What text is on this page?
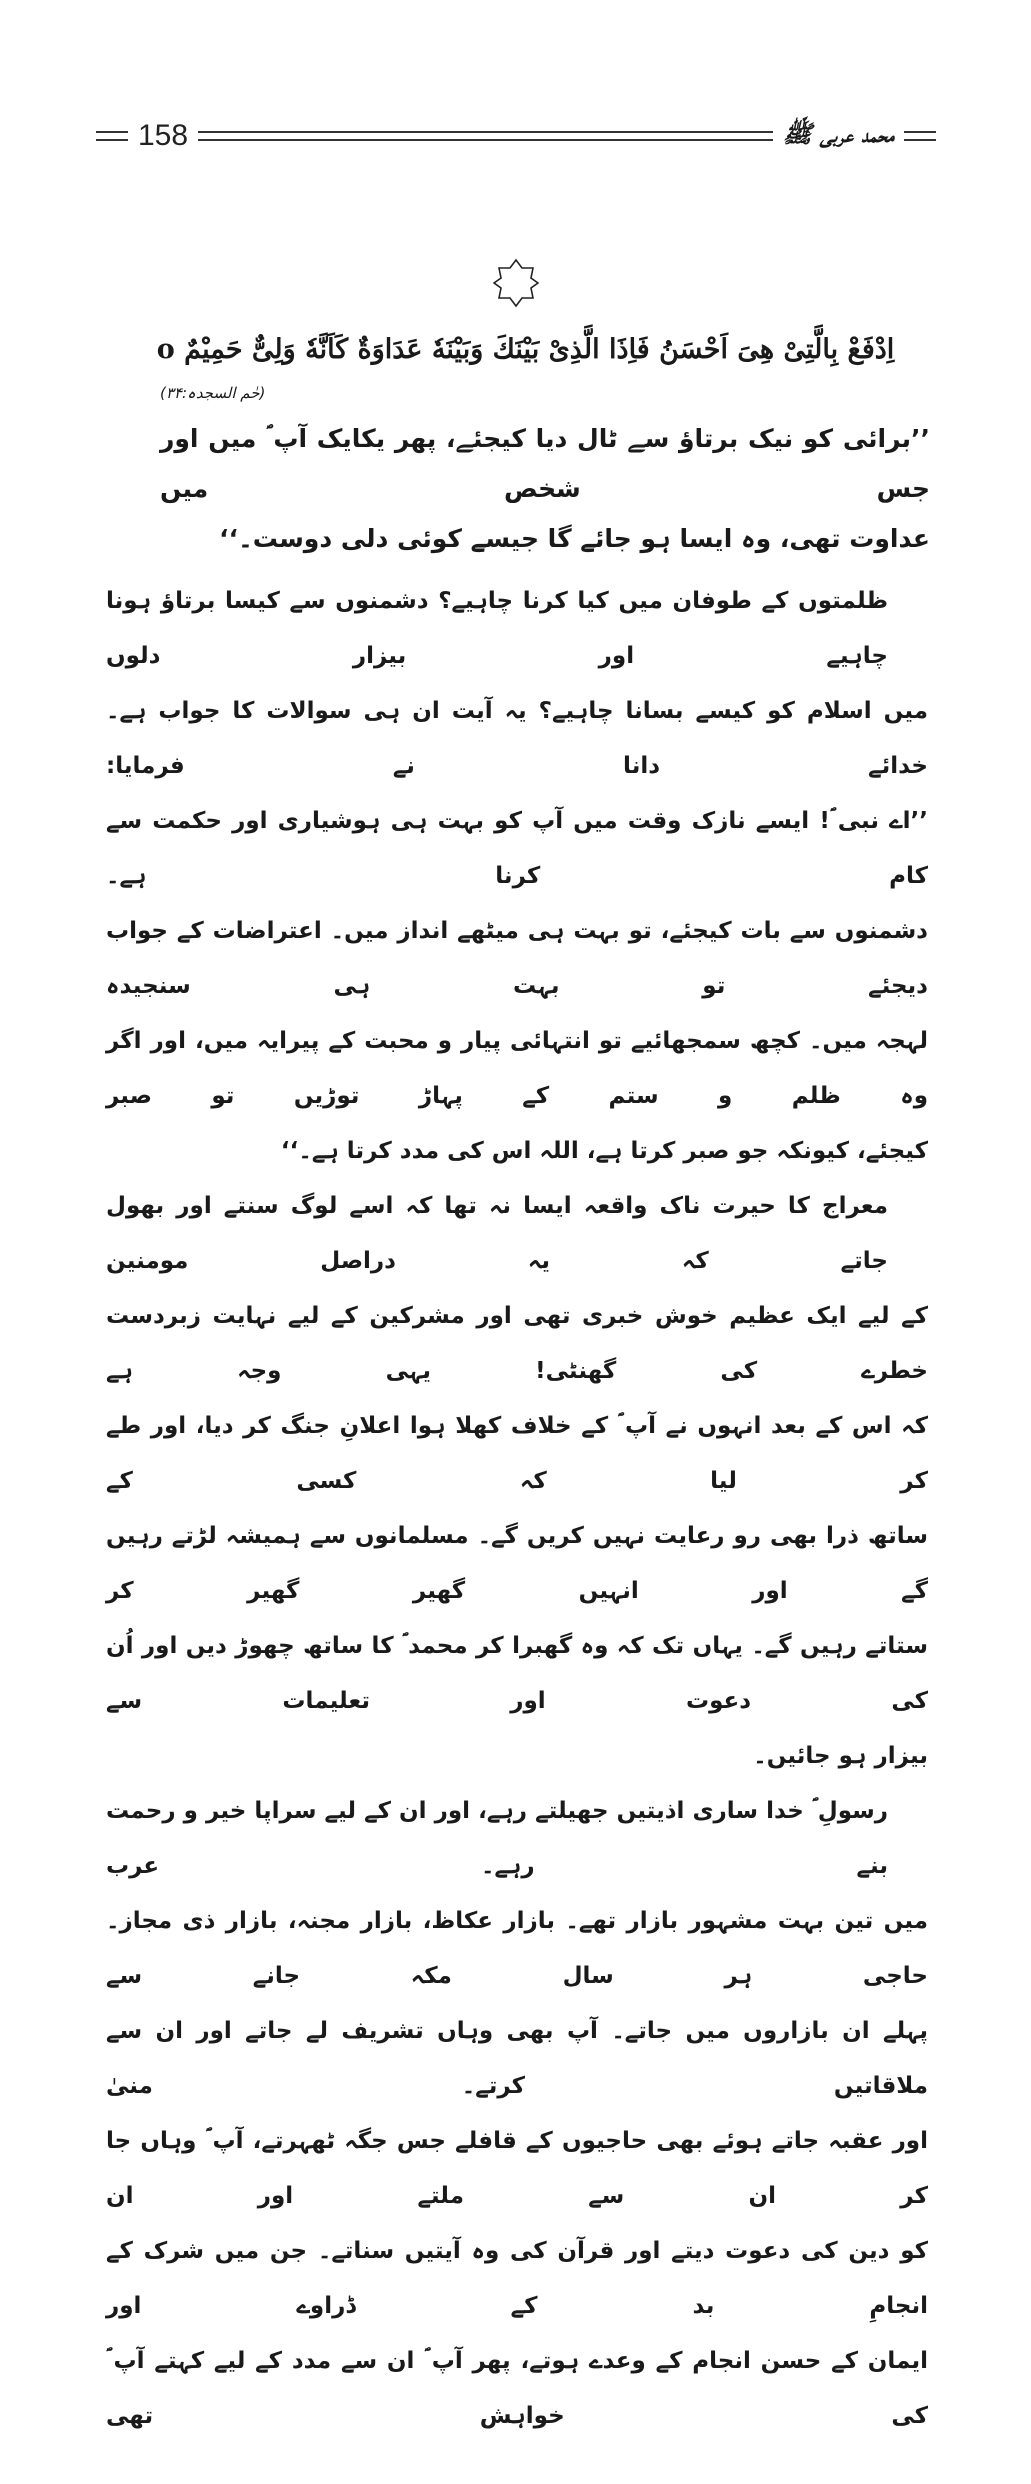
158	محمد عربی ﷺ
اِدْفَعْ بِالَّتِیْ هِیَ اَحْسَنُ فَاِذَا الَّذِیْ بَیْنَكَ وَبَیْنَهٗ عَدَاوَةٌ كَاَنَّهٗ وَلِیٌّ حَمِیْمٌ o
(حٰم السجدہ:۳۴)
’’برائی کو نیک برتاؤ سے ٹال دیا کیجئے، پھر یکایک آپ ؐ میں اور جس شخص میں
عداوت تھی، وہ ایسا ہو جائے گا جیسے کوئی دلی دوست۔‘‘
ظلمتوں کے طوفان میں کیا کرنا چاہیے؟ دشمنوں سے کیسا برتاؤ ہونا چاہیے اور بیزار دلوں
میں اسلام کو کیسے بسانا چاہیے؟ یہ آیت ان ہی سوالات کا جواب ہے۔ خدائے دانا نے فرمایا:
’’اے نبی ؐ! ایسے نازک وقت میں آپ کو بہت ہی ہوشیاری اور حکمت سے کام کرنا ہے۔
دشمنوں سے بات کیجئے، تو بہت ہی میٹھے انداز میں۔ اعتراضات کے جواب دیجئے تو بہت ہی سنجیدہ
لہجہ میں۔ کچھ سمجھائیے تو انتہائی پیار و محبت کے پیرایہ میں، اور اگر وہ ظلم و ستم کے پہاڑ توڑیں تو صبر
کیجئے، کیونکہ جو صبر کرتا ہے، اللہ اس کی مدد کرتا ہے۔‘‘
معراج کا حیرت ناک واقعہ ایسا نہ تھا کہ اسے لوگ سنتے اور بھول جاتے کہ یہ دراصل مومنین
کے لیے ایک عظیم خوش خبری تھی اور مشرکین کے لیے نہایت زبردست خطرے کی گھنٹی! یہی وجہ ہے
کہ اس کے بعد انہوں نے آپ ؐ کے خلاف کھلا ہوا اعلانِ جنگ کر دیا، اور طے کر لیا کہ کسی کے
ساتھ ذرا بھی رو رعایت نہیں کریں گے۔ مسلمانوں سے ہمیشہ لڑتے رہیں گے اور انہیں گھیر گھیر کر
ستاتے رہیں گے۔ یہاں تک کہ وہ گھبرا کر محمد ؐ کا ساتھ چھوڑ دیں اور اُن کی دعوت اور تعلیمات سے
بیزار ہو جائیں۔
رسولِ ؐ خدا ساری اذیتیں جھیلتے رہے، اور ان کے لیے سراپا خیر و رحمت بنے رہے۔ عرب
میں تین بہت مشہور بازار تھے۔ بازار عکاظ، بازار مجنہ، بازار ذی مجاز۔ حاجی ہر سال مکہ جانے سے
پہلے ان بازاروں میں جاتے۔ آپ بھی وہاں تشریف لے جاتے اور ان سے ملاقاتیں کرتے۔ منیٰ
اور عقبہ جاتے ہوئے بھی حاجیوں کے قافلے جس جگہ ٹھہرتے، آپ ؐ وہاں جا کر ان سے ملتے اور ان
کو دین کی دعوت دیتے اور قرآن کی وہ آیتیں سناتے۔ جن میں شرک کے انجامِ بد کے ڈراوے اور
ایمان کے حسن انجام کے وعدے ہوتے، پھر آپ ؐ ان سے مدد کے لیے کہتے آپ ؐ کی خواہش تھی
